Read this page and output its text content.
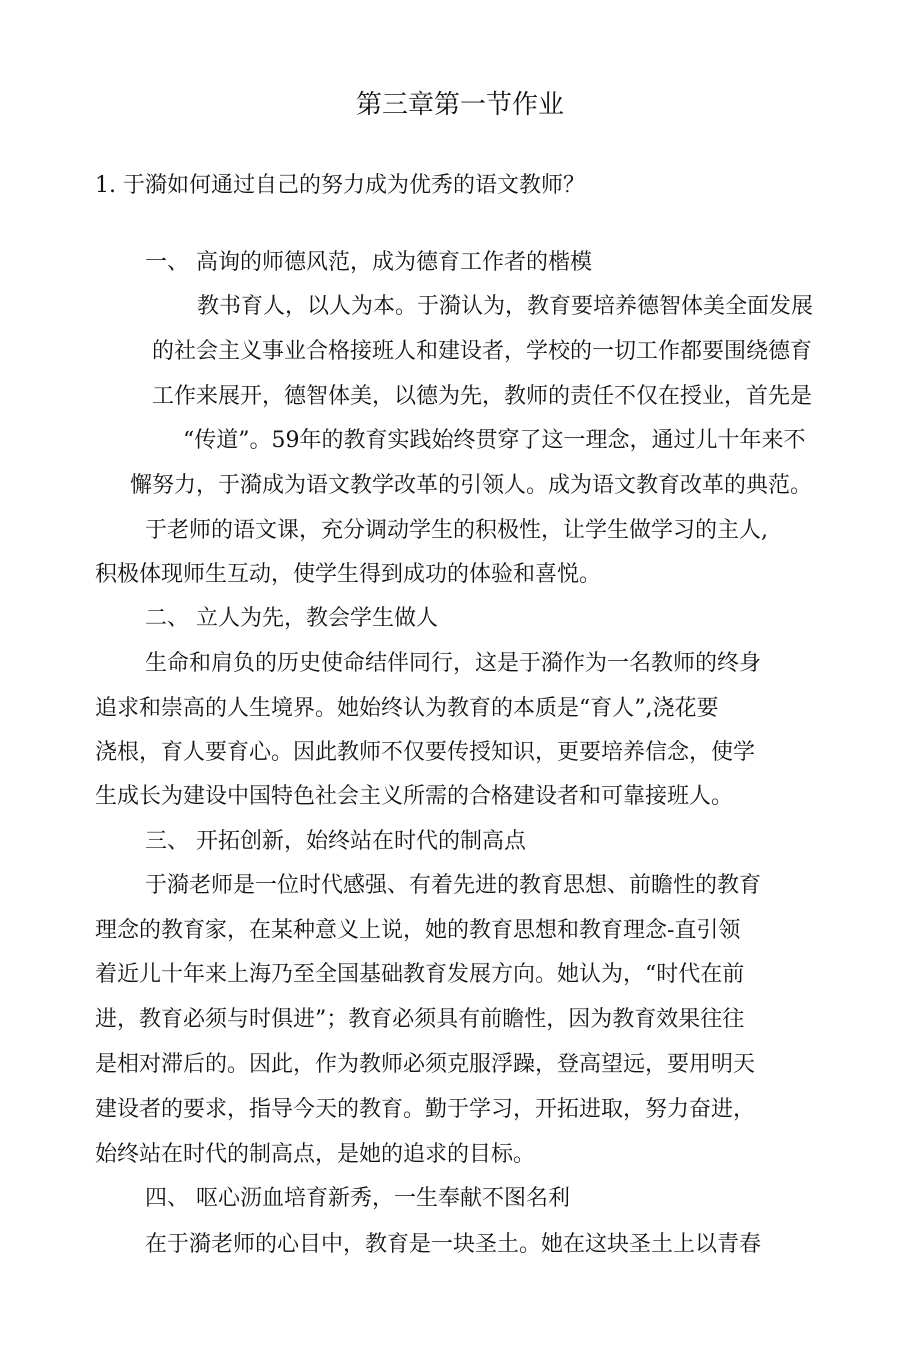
第三章第一节作业
1. 于漪如何通过自己的努力成为优秀的语文教师？
一、 高询的师德风范，成为德育工作者的楷模
教书育人，以人为本。于漪认为，教育要培养德智体美全面发展
的社会主义事业合格接班人和建设者，学校的一切工作都要围绕德育
工作来展开，德智体美，以德为先，教师的责任不仅在授业，首先是
“传道”。59年的教育实践始终贯穿了这一理念，通过儿十年来不
懈努力，于漪成为语文教学改革的引领人。成为语文教育改革的典范。
于老师的语文课，充分调动学生的积极性，让学生做学习的主人,
积极体现师生互动，使学生得到成功的体验和喜悦。
二、 立人为先，教会学生做人
生命和肩负的历史使命结伴同行，这是于漪作为一名教师的终身
追求和崇高的人生境界。她始终认为教育的本质是“育人”,浇花要
浇根，育人要育心。因此教师不仅要传授知识，更要培养信念，使学
生成长为建设中国特色社会主义所需的合格建设者和可靠接班人。
三、 开拓创新，始终站在时代的制高点
于漪老师是一位时代感强、有着先进的教育思想、前瞻性的教育
理念的教育家，在某种意义上说，她的教育思想和教育理念-直引领
着近儿十年来上海乃至全国基础教育发展方向。她认为，“时代在前
进，教育必须与时俱进”；教育必须具有前瞻性，因为教育效果往往
是相对滞后的。因此，作为教师必须克服浮躁，登高望远，要用明天
建设者的要求，指导今天的教育。勤于学习，开拓进取，努力奋进，
始终站在时代的制高点，是她的追求的目标。
四、 呕心沥血培育新秀，一生奉献不图名利
在于漪老师的心目中，教育是一块圣土。她在这块圣土上以青春
